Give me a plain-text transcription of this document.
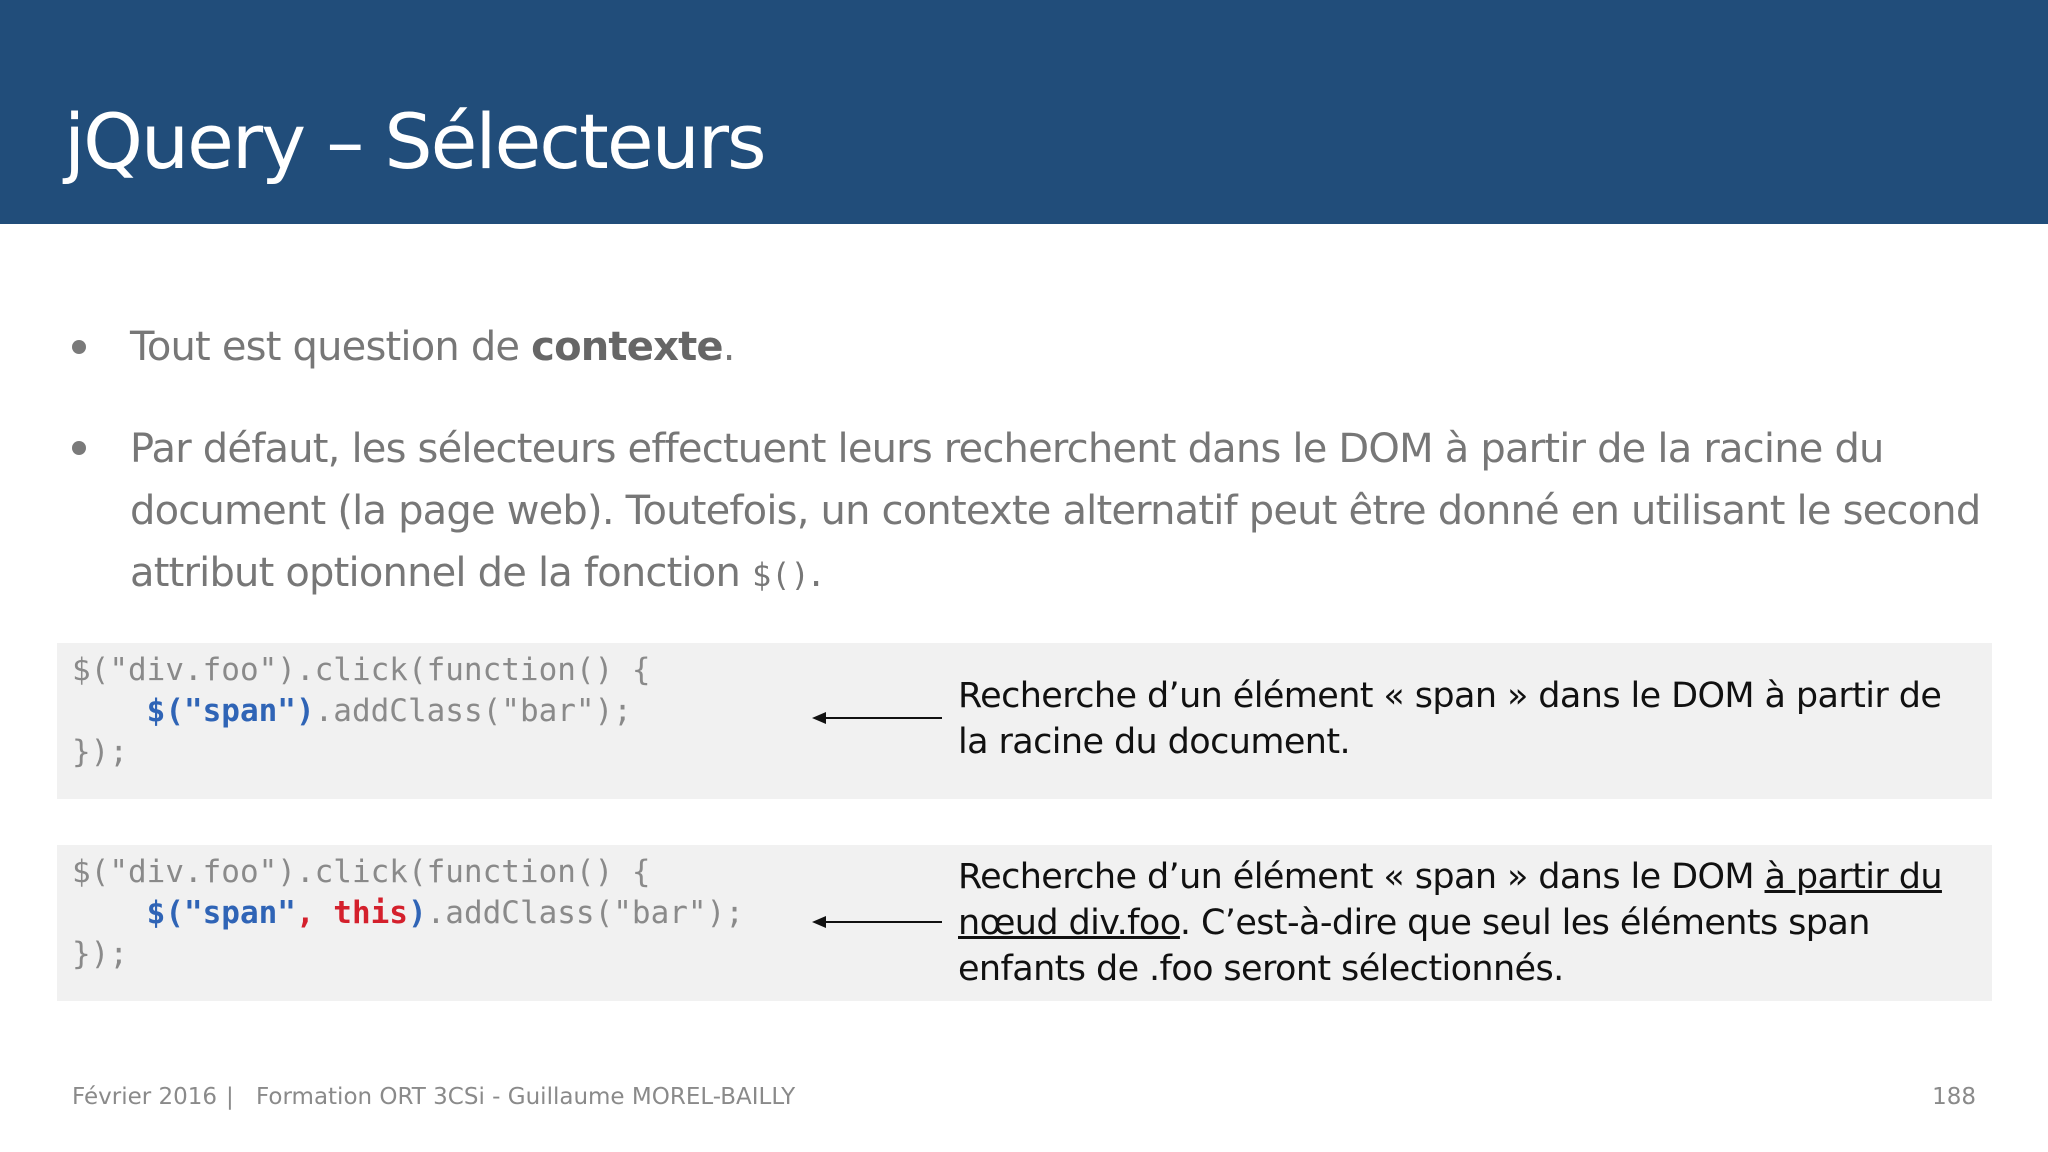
jQuery – Sélecteurs
Tout est question de contexte.
Par défaut, les sélecteurs effectuent leurs recherchent dans le DOM à partir de la racine du document (la page web). Toutefois, un contexte alternatif peut être donné en utilisant le second attribut optionnel de la fonction $().
$("div.foo").click(function() {
$("span").addClass("bar");
});
Recherche d’un élément « span » dans le DOM à partir de la racine du document.
$("div.foo").click(function() {
$("span", this).addClass("bar");
});
Recherche d’un élément « span » dans le DOM à partir du nœud div.foo. C’est-à-dire que seul les éléments span enfants de .foo seront sélectionnés.
Février 2016 | Formation ORT 3CSi - Guillaume MOREL-BAILLY	188
